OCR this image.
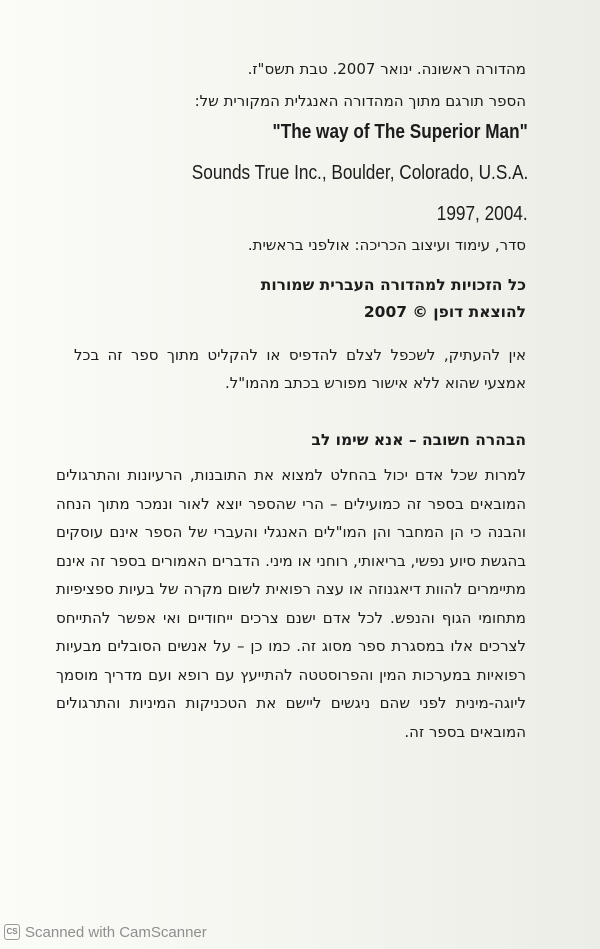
מהדורה ראשונה. ינואר 2007. טבת תשס"ז.

הספר תורגם מתוך המהדורה האנגלית המקורית של:

"The way of The Superior Man"

Sounds True Inc., Boulder, Colorado, U.S.A.

1997, 2004.

סדר, עימוד ועיצוב הכריכה: אולפני בראשית.

כל הזכויות למהדורה העברית שמורות

להוצאת דופן © 2007

אין להעתיק, לשכפל לצלם להדפיס או להקליט מתוך ספר זה בכל אמצעי שהוא ללא אישור מפורש בכתב מהמו"ל.

הבהרה חשובה – אנא שימו לב

למרות שכל אדם יכול בהחלט למצוא את התובנות, הרעיונות והתרגולים המובאים בספר זה כמועילים – הרי שהספר יוצא לאור ונמכר מתוך הנחה והבנה כי הן המחבר והן המו"לים האנגלי והעברי של הספר אינם עוסקים בהגשת סיוע נפשי, בריאותי, רוחני או מיני. הדברים האמורים בספר זה אינם מתיימרים להוות דיאגנוזה או עצה רפואית לשום מקרה של בעיות ספציפיות מתחומי הגוף והנפש. לכל אדם ישנם צרכים ייחודיים ואי אפשר להתייחס לצרכים אלו במסגרת ספר מסוג זה. כמו כן – על אנשים הסובלים מבעיות רפואיות במערכות המין והפרוסטטה להתייעץ עם רופא ועם מדריך מוסמך ליוגה-מינית לפני שהם ניגשים ליישם את הטכניקות המיניות והתרגולים המובאים בספר זה.

CS Scanned with CamScanner
